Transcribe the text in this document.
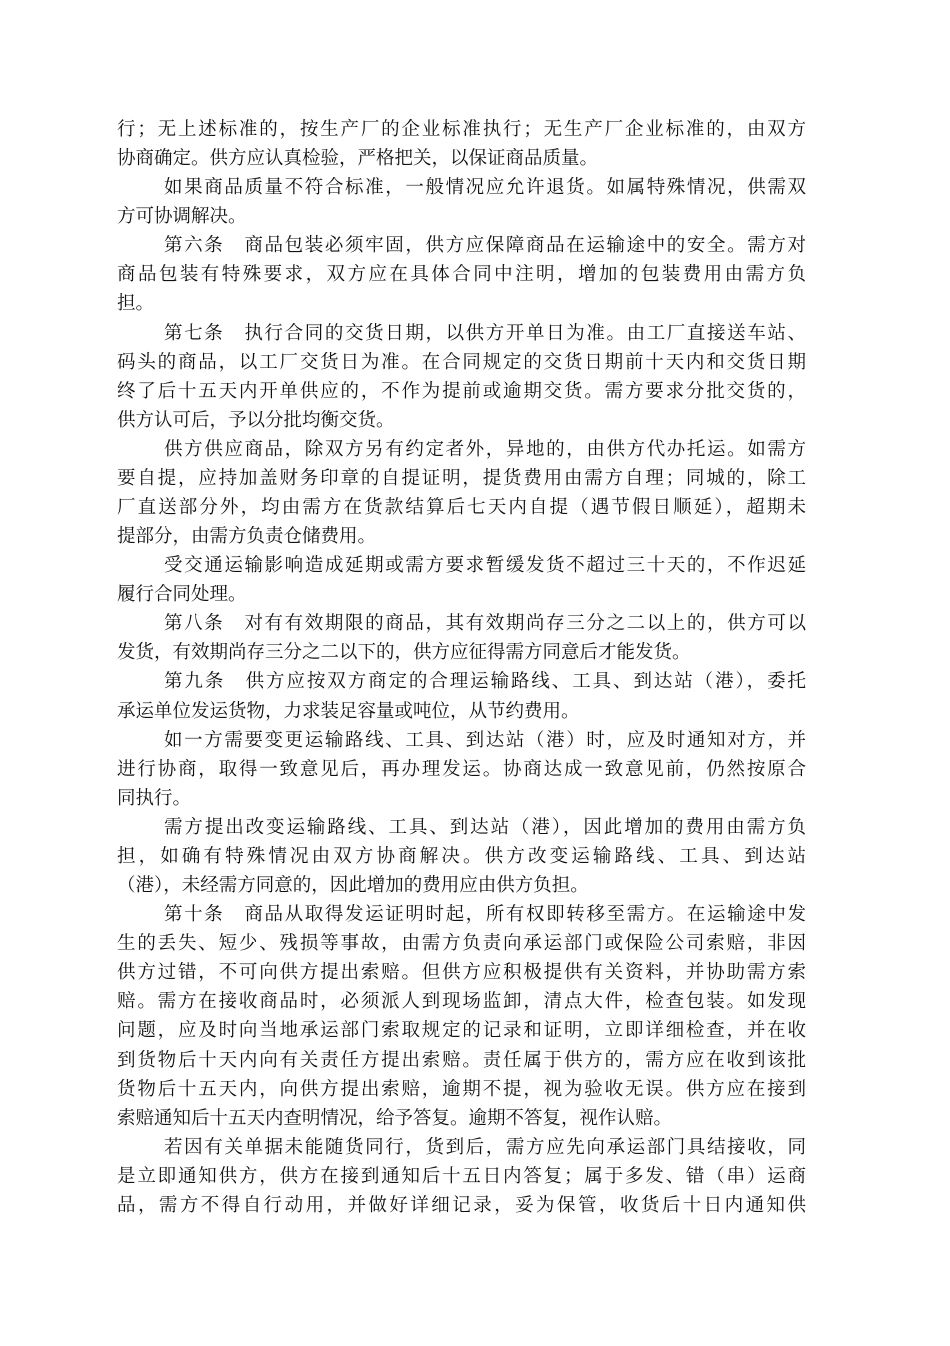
行；无上述标准的，按生产厂的企业标准执行；无生产厂企业标准的，由双方
协商确定。供方应认真检验，严格把关，以保证商品质量。
如果商品质量不符合标准，一般情况应允许退货。如属特殊情况，供需双
方可协调解决。
第六条　商品包装必须牢固，供方应保障商品在运输途中的安全。需方对
商品包装有特殊要求，双方应在具体合同中注明，增加的包装费用由需方负
担。
第七条　执行合同的交货日期，以供方开单日为准。由工厂直接送车站、
码头的商品，以工厂交货日为准。在合同规定的交货日期前十天内和交货日期
终了后十五天内开单供应的，不作为提前或逾期交货。需方要求分批交货的，
供方认可后，予以分批均衡交货。
供方供应商品，除双方另有约定者外，异地的，由供方代办托运。如需方
要自提，应持加盖财务印章的自提证明，提货费用由需方自理；同城的，除工
厂直送部分外，均由需方在货款结算后七天内自提（遇节假日顺延），超期未
提部分，由需方负责仓储费用。
受交通运输影响造成延期或需方要求暂缓发货不超过三十天的，不作迟延
履行合同处理。
第八条　对有有效期限的商品，其有效期尚存三分之二以上的，供方可以
发货，有效期尚存三分之二以下的，供方应征得需方同意后才能发货。
第九条　供方应按双方商定的合理运输路线、工具、到达站（港），委托
承运单位发运货物，力求装足容量或吨位，从节约费用。
如一方需要变更运输路线、工具、到达站（港）时，应及时通知对方，并
进行协商，取得一致意见后，再办理发运。协商达成一致意见前，仍然按原合
同执行。
需方提出改变运输路线、工具、到达站（港），因此增加的费用由需方负
担，如确有特殊情况由双方协商解决。供方改变运输路线、工具、到达站
（港），未经需方同意的，因此增加的费用应由供方负担。
第十条　商品从取得发运证明时起，所有权即转移至需方。在运输途中发
生的丢失、短少、残损等事故，由需方负责向承运部门或保险公司索赔，非因
供方过错，不可向供方提出索赔。但供方应积极提供有关资料，并协助需方索
赔。需方在接收商品时，必须派人到现场监卸，清点大件，检查包装。如发现
问题，应及时向当地承运部门索取规定的记录和证明，立即详细检查，并在收
到货物后十天内向有关责任方提出索赔。责任属于供方的，需方应在收到该批
货物后十五天内，向供方提出索赔，逾期不提，视为验收无误。供方应在接到
索赔通知后十五天内查明情况，给予答复。逾期不答复，视作认赔。
若因有关单据未能随货同行，货到后，需方应先向承运部门具结接收，同
是立即通知供方，供方在接到通知后十五日内答复；属于多发、错（串）运商
品，需方不得自行动用，并做好详细记录，妥为保管，收货后十日内通知供
